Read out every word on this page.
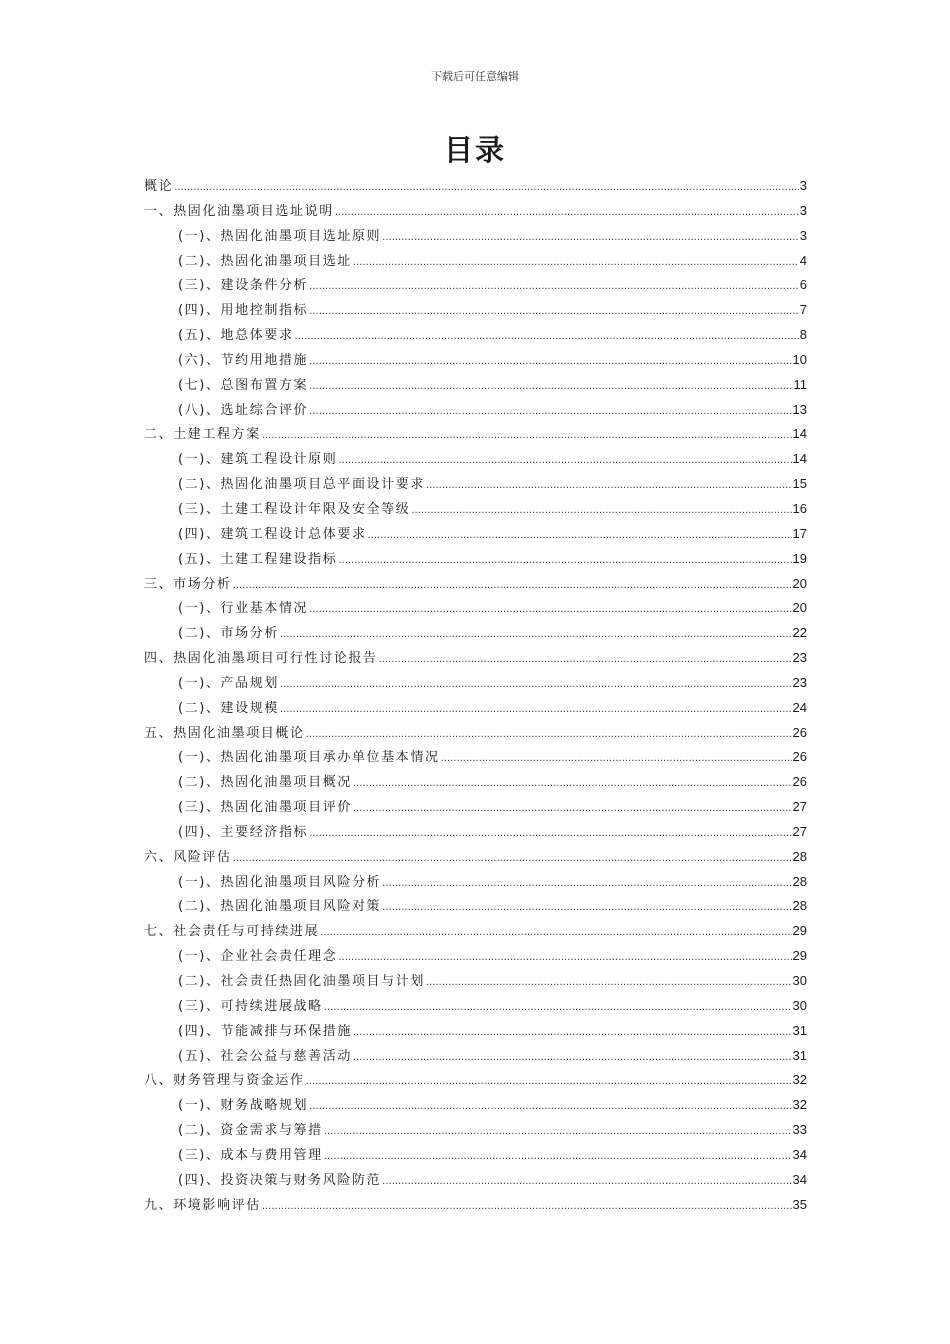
下载后可任意编辑
目录
概论 .....	3
一、热固化油墨项目选址说明 .....	3
(一)、热固化油墨项目选址原则 .....	3
(二)、热固化油墨项目选址 .....	4
(三)、建设条件分析 .....	6
(四)、用地控制指标 .....	7
(五)、地总体要求 .....	8
(六)、节约用地措施 .....	10
(七)、总图布置方案 .....	11
(八)、选址综合评价 .....	13
二、土建工程方案 .....	14
(一)、建筑工程设计原则 .....	14
(二)、热固化油墨项目总平面设计要求 .....	15
(三)、土建工程设计年限及安全等级 .....	16
(四)、建筑工程设计总体要求 .....	17
(五)、土建工程建设指标 .....	19
三、市场分析 .....	20
(一)、行业基本情况 .....	20
(二)、市场分析 .....	22
四、热固化油墨项目可行性讨论报告 .....	23
(一)、产品规划 .....	23
(二)、建设规模 .....	24
五、热固化油墨项目概论 .....	26
(一)、热固化油墨项目承办单位基本情况 .....	26
(二)、热固化油墨项目概况 .....	26
(三)、热固化油墨项目评价 .....	27
(四)、主要经济指标 .....	27
六、风险评估 .....	28
(一)、热固化油墨项目风险分析 .....	28
(二)、热固化油墨项目风险对策 .....	28
七、社会责任与可持续进展 .....	29
(一)、企业社会责任理念 .....	29
(二)、社会责任热固化油墨项目与计划 .....	30
(三)、可持续进展战略 .....	30
(四)、节能减排与环保措施 .....	31
(五)、社会公益与慈善活动 .....	31
八、财务管理与资金运作 .....	32
(一)、财务战略规划 .....	32
(二)、资金需求与筹措 .....	33
(三)、成本与费用管理 .....	34
(四)、投资决策与财务风险防范 .....	34
九、环境影响评估 .....	35
